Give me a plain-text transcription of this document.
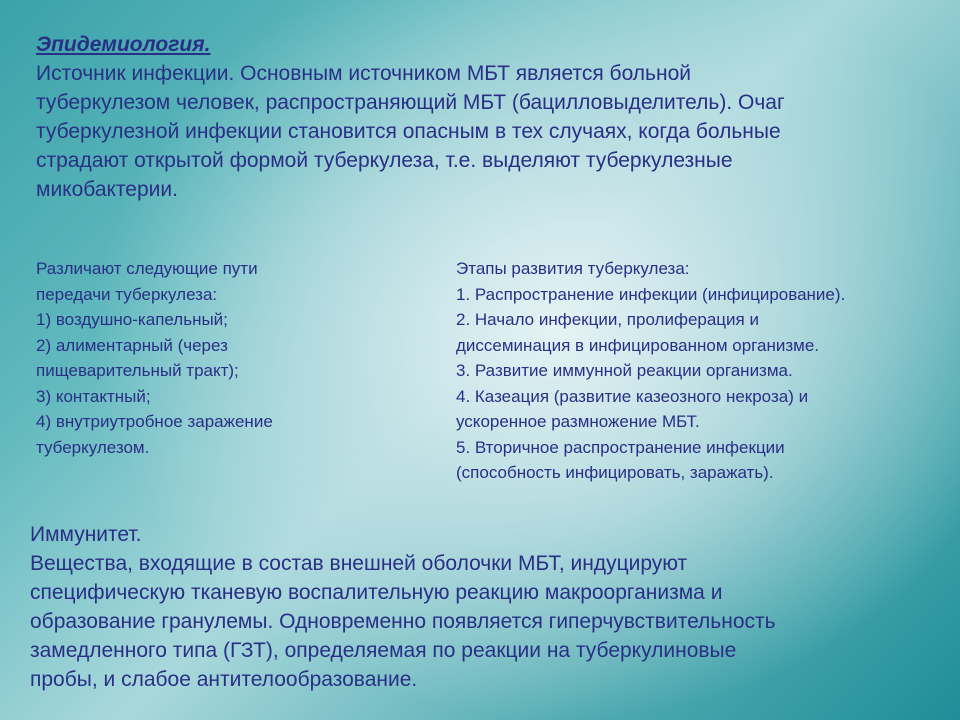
Эпидемиология.
Источник инфекции. Основным источником МБТ является больной
туберкулезом человек, распространяющий МБТ (бацилловыделитель). Очаг
туберкулезной инфекции становится опасным в тех случаях, когда больные
страдают открытой формой туберкулеза, т.е. выделяют туберкулезные
микобактерии.
Различают следующие пути
передачи туберкулеза:
1) воздушно-капельный;
2) алиментарный (через
пищеварительный тракт);
3) контактный;
4) внутриутробное заражение
туберкулезом.
Этапы развития туберкулеза:
1. Распространение инфекции (инфицирование).
2. Начало инфекции, пролиферация и
диссеминация в инфицированном организме.
3. Развитие иммунной реакции организма.
4. Казеация (развитие казеозного некроза) и
ускоренное размножение МБТ.
5. Вторичное распространение инфекции
(способность инфицировать, заражать).
Иммунитет.
Вещества, входящие в состав внешней оболочки МБТ, индуцируют
специфическую тканевую воспалительную реакцию макроорганизма и
образование гранулемы. Одновременно появляется гиперчувствительность
замедленного типа (ГЗТ), определяемая по реакции на туберкулиновые
пробы, и слабое антителообразование.
